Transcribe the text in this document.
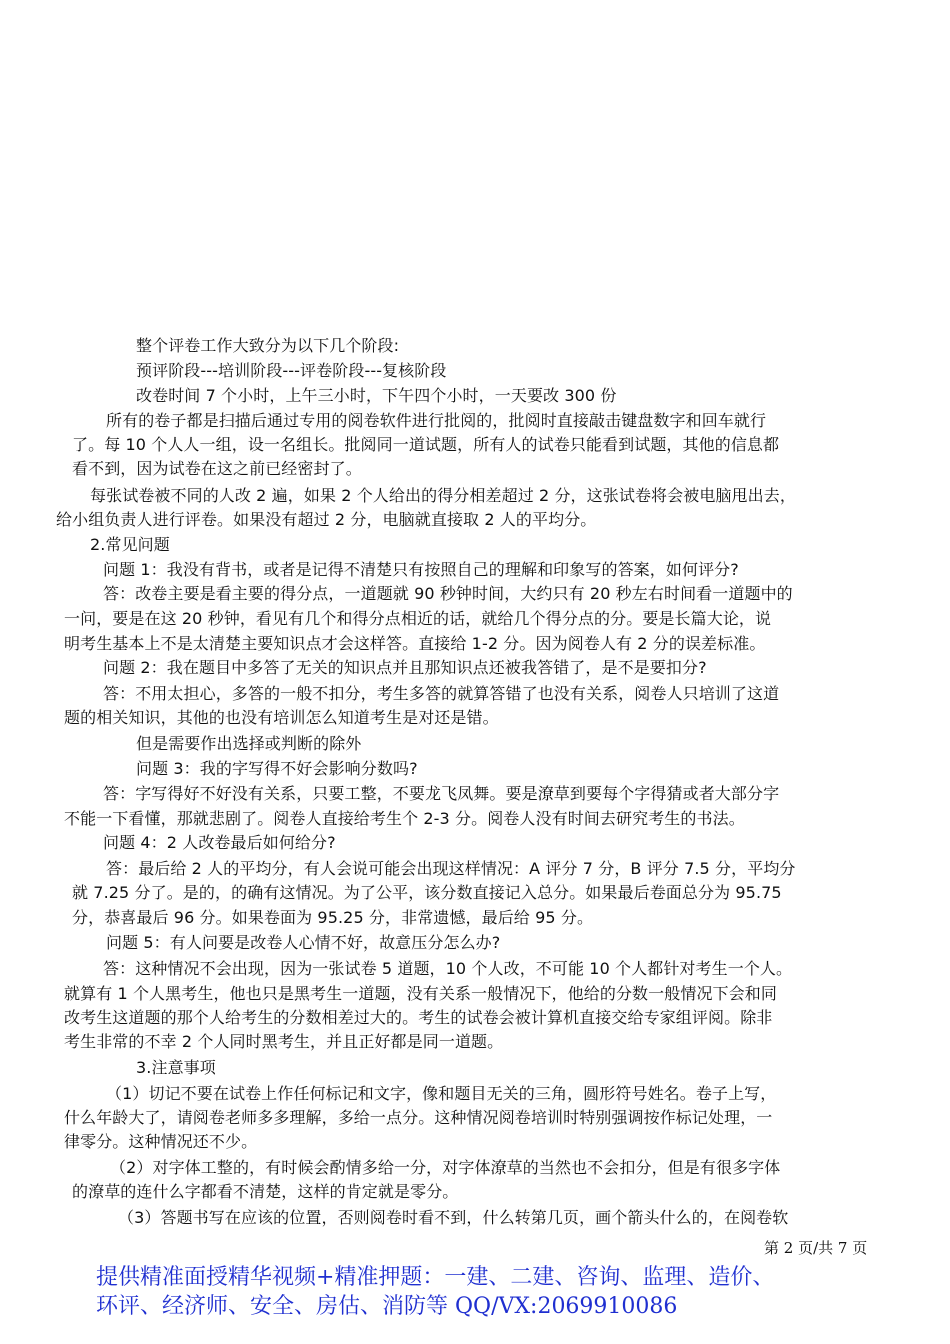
整个评卷工作大致分为以下几个阶段:
预评阶段---培训阶段---评卷阶段---复核阶段
改卷时间 7 个小时，上午三小时，下午四个小时，一天要改 300 份
所有的卷子都是扫描后通过专用的阅卷软件进行批阅的，批阅时直接敲击键盘数字和回车就行
了。每 10 个人人一组，设一名组长。批阅同一道试题，所有人的试卷只能看到试题，其他的信息都
看不到，因为试卷在这之前已经密封了。
每张试卷被不同的人改 2 遍，如果 2 个人给出的得分相差超过 2 分，这张试卷将会被电脑甩出去，
给小组负责人进行评卷。如果没有超过 2 分，电脑就直接取 2 人的平均分。
2.常见问题
问题 1：我没有背书，或者是记得不清楚只有按照自己的理解和印象写的答案，如何评分?
答：改卷主要是看主要的得分点，一道题就 90 秒钟时间，大约只有 20 秒左右时间看一道题中的
一问，要是在这 20 秒钟，看见有几个和得分点相近的话，就给几个得分点的分。要是长篇大论，说
明考生基本上不是太清楚主要知识点才会这样答。直接给 1-2 分。因为阅卷人有 2 分的误差标准。
问题 2：我在题目中多答了无关的知识点并且那知识点还被我答错了，是不是要扣分?
答：不用太担心，多答的一般不扣分，考生多答的就算答错了也没有关系，阅卷人只培训了这道
题的相关知识，其他的也没有培训怎么知道考生是对还是错。
但是需要作出选择或判断的除外
问题 3：我的字写得不好会影响分数吗?
答：字写得好不好没有关系，只要工整，不要龙飞凤舞。要是潦草到要每个字得猜或者大部分字
不能一下看懂，那就悲剧了。阅卷人直接给考生个 2-3 分。阅卷人没有时间去研究考生的书法。
问题 4：2 人改卷最后如何给分?
答：最后给 2 人的平均分，有人会说可能会出现这样情况：A 评分 7 分，B 评分 7.5 分，平均分
就 7.25 分了。是的，的确有这情况。为了公平，该分数直接记入总分。如果最后卷面总分为 95.75
分，恭喜最后 96 分。如果卷面为 95.25 分，非常遗憾，最后给 95 分。
问题 5：有人问要是改卷人心情不好，故意压分怎么办?
答：这种情况不会出现，因为一张试卷 5 道题，10 个人改，不可能 10 个人都针对考生一个人。
就算有 1 个人黑考生，他也只是黑考生一道题，没有关系一般情况下，他给的分数一般情况下会和同
改考生这道题的那个人给考生的分数相差过大的。考生的试卷会被计算机直接交给专家组评阅。除非
考生非常的不幸 2 个人同时黑考生，并且正好都是同一道题。
3.注意事项
（1）切记不要在试卷上作任何标记和文字，像和题目无关的三角，圆形符号姓名。卷子上写，
什么年龄大了，请阅卷老师多多理解，多给一点分。这种情况阅卷培训时特别强调按作标记处理，一
律零分。这种情况还不少。
（2）对字体工整的，有时候会酌情多给一分，对字体潦草的当然也不会扣分，但是有很多字体
的潦草的连什么字都看不清楚，这样的肯定就是零分。
（3）答题书写在应该的位置，否则阅卷时看不到，什么转第几页，画个箭头什么的，在阅卷软
第 2 页/共 7 页
提供精准面授精华视频+精准押题：一建、二建、咨询、监理、造价、
环评、经济师、安全、房估、消防等 QQ/VX:2069910086
